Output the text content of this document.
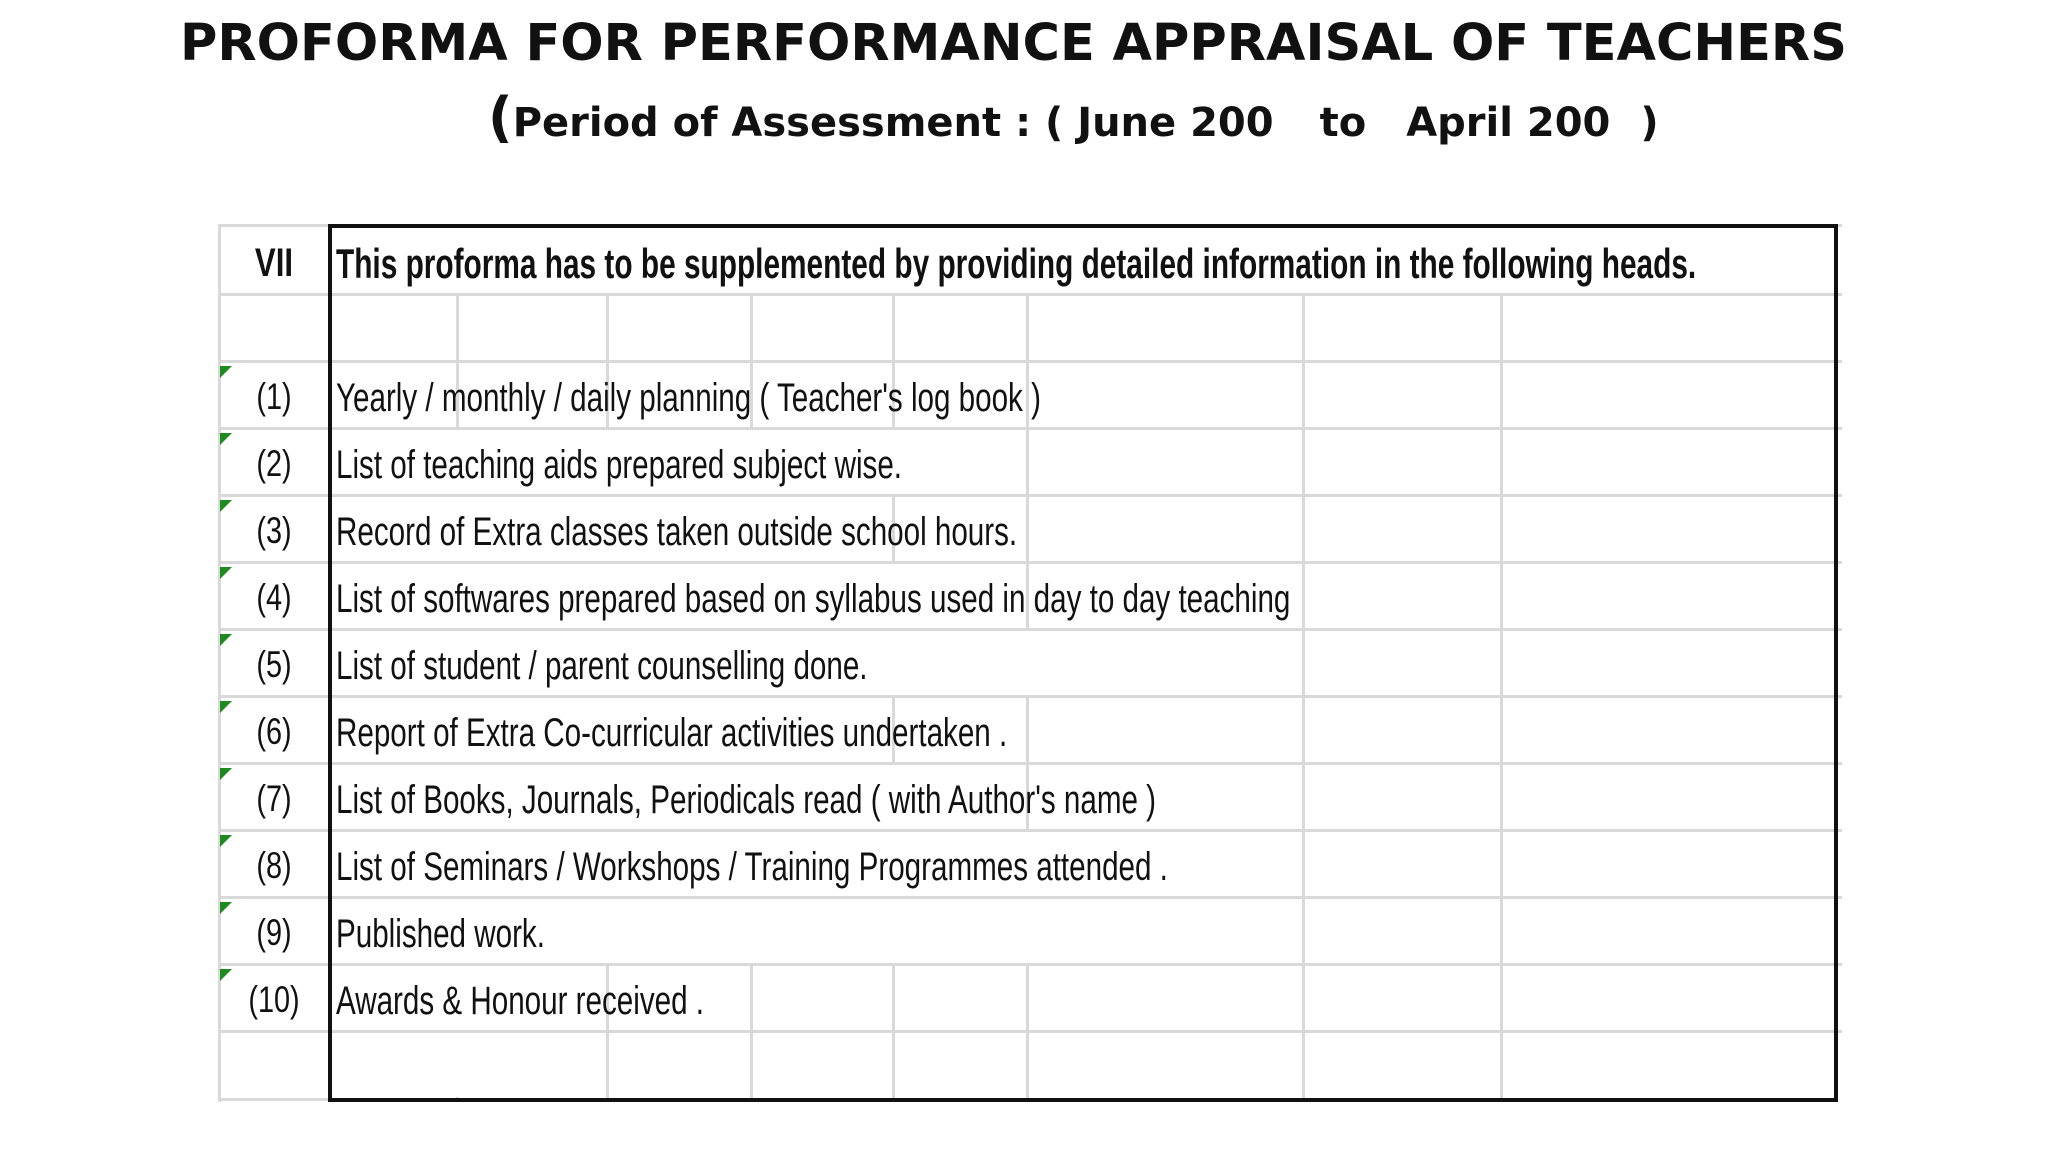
PROFORMA FOR PERFORMANCE APPRAISAL OF TEACHERS
(Period of Assessment : ( June 200 to April 200 )
VII	This proforma has to be supplemented by providing detailed information in the following heads.
(1)	Yearly / monthly / daily planning ( Teacher's log book )
(2)	List of teaching aids prepared subject wise.
(3)	Record of Extra classes taken outside school hours.
(4)	List of softwares prepared based on syllabus used in day to day teaching
(5)	List of student / parent counselling done.
(6)	Report of Extra Co-curricular activities undertaken .
(7)	List of Books, Journals, Periodicals read ( with Author's name )
(8)	List of Seminars / Workshops / Training Programmes attended .
(9)	Published work.
(10) Awards & Honour received .
